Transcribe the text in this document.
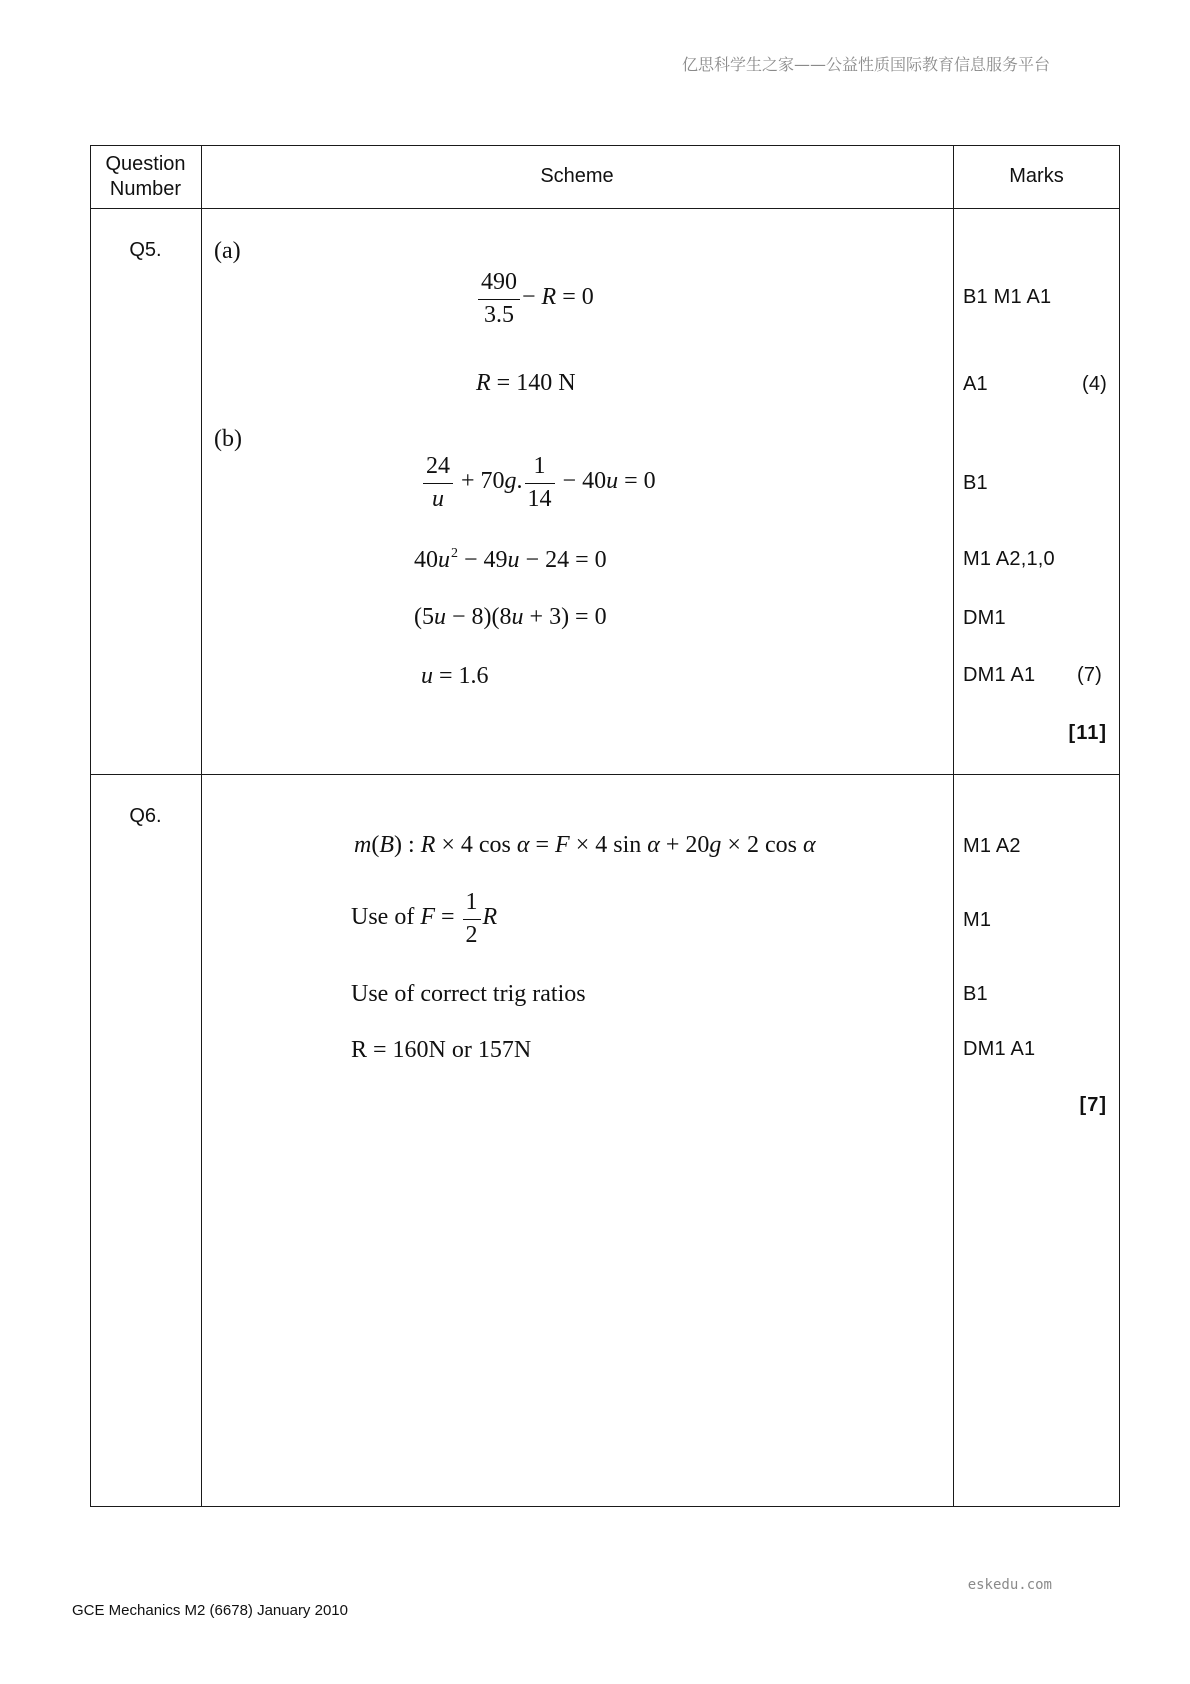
亿思科学生之家——公益性质国际教育信息服务平台
Question
Number
Scheme	Marks
Q5.	(a)
$\frac{490}{3.5} - R = 0$	B1 M1 A1
R = 140 N	A1	(4)
(b)
$\frac{24}{u} + 70g$. $\frac{1}{14} - 40u = 0$	B1
$40u^2 - 49u - 24 = 0$	M1 A2,1,0
(5u − 8)(8u + 3) = 0	DM1
u = 1.6	DM1 A1 (7)
[11]
Q6.
m(B) : R × 4 cos α = F × 4 sin α + 20g × 2 cos α	M1 A2
Use of $F = \frac{1}{2}$ R	M1
Use of correct trig ratios	B1
R = 160N or 157N	DM1 A1
[7]
eskedu.com
GCE Mechanics M2 (6678) January 2010
